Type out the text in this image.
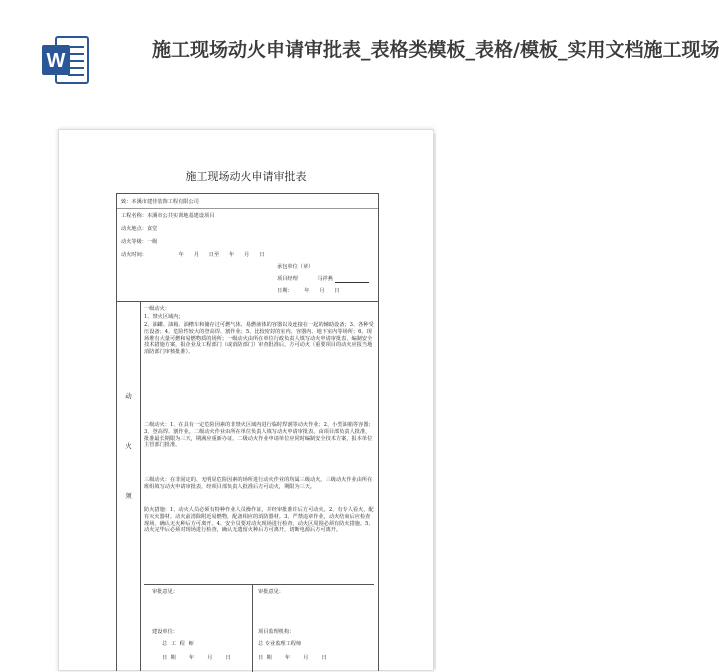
W	施工现场动火申请审批表_表格类模板_表格/模板_实用文档施工现场
施工现场动火申请审批表
致：本溪市建佳装饰工程有限公司
工程名称：本溪市公共实训地基建设项目
动火地点：食堂
动火等级：一级
动火时间：	年      月      日至      年      月      日
承包单位（章）
项目经理	马祥燕
日期： 年      月      日
动
火
须

一级动火：

1、禁火区域内；

2、油罐、油箱、油槽车和储存过可燃气体、易燃液体的容器以及连接在一起的辅助设备；3、各种受压设备；4、危险性较大的登高焊、割作业；5、比较密封的室内、容器内、地下室内等场所；6、现场堆有大量可燃和易燃物质的场所；一级动火由所在单位行政负责人填写动火申请审批表，编制安全技术措施方案，报企业及工程部门（或消防部门）审查批准后，方可动火（重要项目的动火应报当地消防部门审核批准）。

二级动火：1、在具有一定危险因素的非禁火区域内进行临时焊割等动火作业；2、小型油箱等容器；3、登高焊、割作业。二级动火作业由所在单位负责人填写动火申请审批表，由项目部负责人批准，批准最长期限为三天，期满应重新办证。二级动火作业申请单位应同时编制安全技术方案，报本单位主管部门批准。

三级动火：在非固定的、无明显危险因素的场所进行动火作业的均属三级动火。三级动火作业由所在班组填写动火申请审批表，经项目部负责人批准后方可动火，期限为三天。

防火措施：1、动火人员必须有特种作业人员操作证，并经审批准许后方可动火。2、有专人看火，配有灭火器材。动火前清除附近易燃物，配备相应的消防器材。3、严禁违章作业，动火结束后应检查现场，确认无火种后方可离开。4、安全员要对动火现场进行检查，动火区周围必须有防火措施。5、动火完毕后必须对现场进行检查，确认无遗留火种后方可离开，切断电源后方可离开。

审批意见：
建设单位：
总 工 程 师
日  期        年        月        日
审批意见：
项目监理机构：
总 专业监理工程师
日  期        年        月        日
